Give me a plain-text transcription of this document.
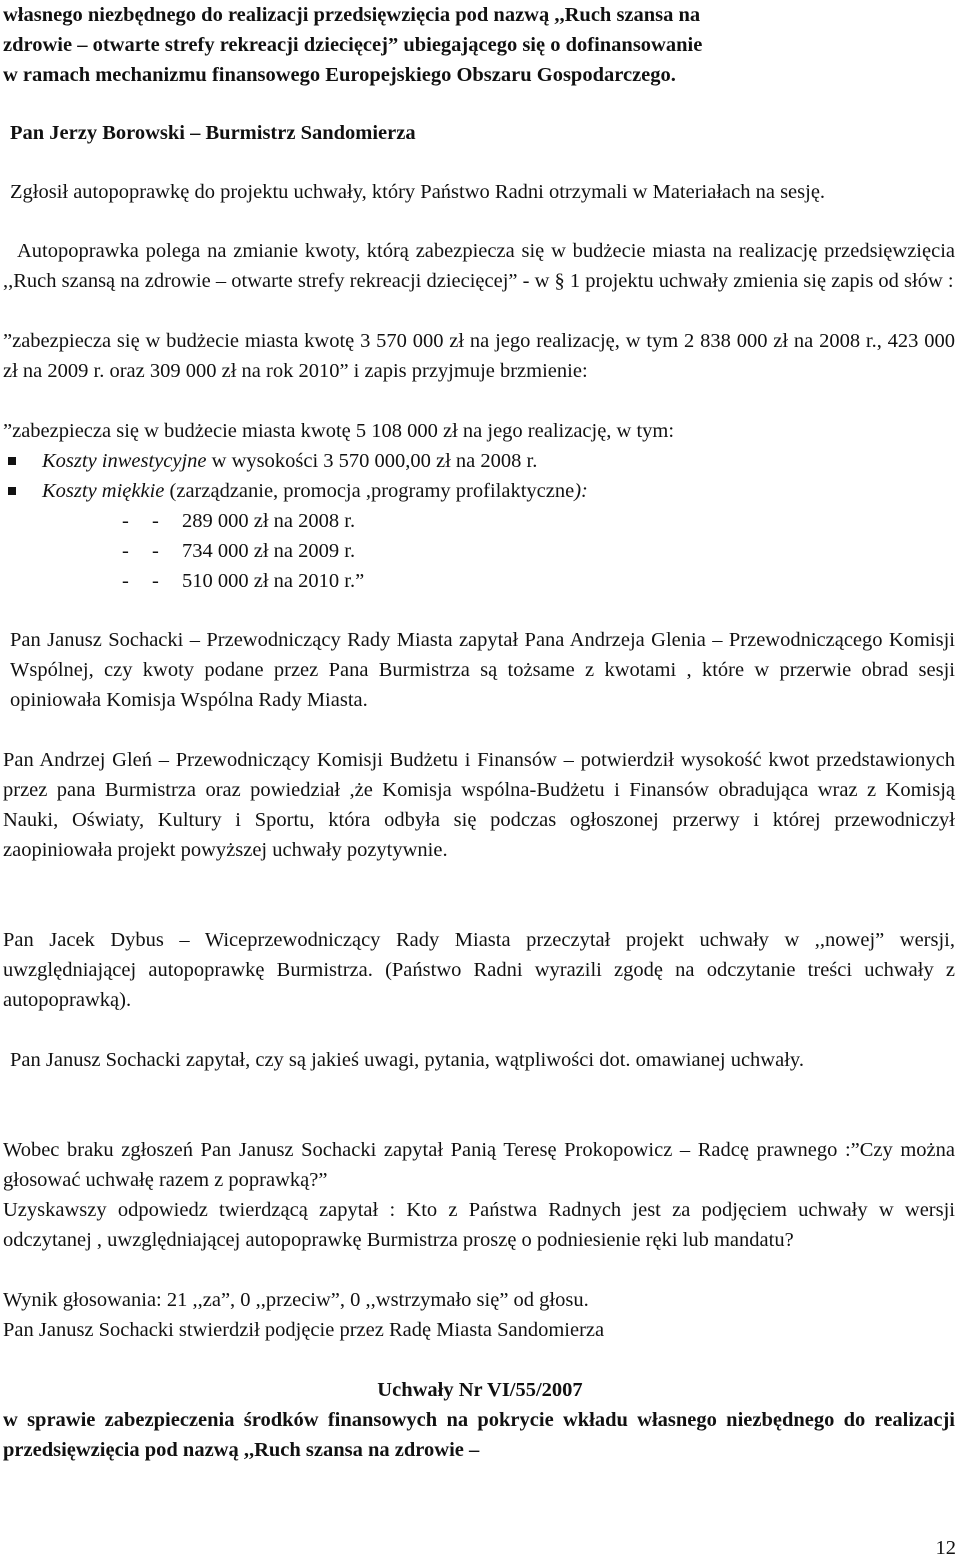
własnego niezbędnego do realizacji przedsięwzięcia pod nazwą ,,Ruch szansa na
zdrowie – otwarte strefy rekreacji dziecięcej” ubiegającego się o dofinansowanie
w ramach mechanizmu finansowego Europejskiego Obszaru Gospodarczego.

Pan Jerzy Borowski – Burmistrz Sandomierza

Zgłosił autopoprawkę do projektu uchwały, który Państwo Radni otrzymali w Materiałach na sesję.

Autopoprawka polega na zmianie kwoty, którą zabezpiecza się w budżecie miasta na realizację przedsięwzięcia ,,Ruch szansą na zdrowie – otwarte strefy rekreacji dziecięcej” - w § 1 projektu uchwały zmienia się zapis od słów :

”zabezpiecza się w budżecie miasta kwotę 3 570 000 zł na jego realizację, w tym 2 838 000 zł na 2008 r., 423 000 zł na 2009 r. oraz 309 000 zł na rok 2010” i zapis przyjmuje brzmienie:

”zabezpiecza się w budżecie miasta kwotę 5 108 000 zł na jego realizację, w tym:

Koszty inwestycyjne w wysokości 3 570 000,00 zł na 2008 r.
Koszty miękkie (zarządzanie, promocja ,programy profilaktyczne):
- - 289 000 zł na 2008 r.
- - 734 000 zł na 2009 r.
- - 510 000 zł na 2010 r.”

Pan Janusz Sochacki – Przewodniczący Rady Miasta zapytał Pana Andrzeja Glenia – Przewodniczącego Komisji Wspólnej, czy kwoty podane przez Pana Burmistrza są tożsame z kwotami , które w przerwie obrad sesji opiniowała Komisja Wspólna Rady Miasta.

Pan Andrzej Gleń – Przewodniczący Komisji Budżetu i Finansów – potwierdził wysokość kwot przedstawionych przez pana Burmistrza oraz powiedział ,że Komisja wspólna-Budżetu i Finansów obradująca wraz z Komisją Nauki, Oświaty, Kultury i Sportu, która odbyła się podczas ogłoszonej przerwy i której przewodniczył zaopiniowała projekt powyższej uchwały pozytywnie.

Pan Jacek Dybus – Wiceprzewodniczący Rady Miasta przeczytał projekt uchwały w ,,nowej” wersji, uwzględniającej autopoprawkę Burmistrza. (Państwo Radni wyrazili zgodę na odczytanie treści uchwały z autopoprawką).

Pan Janusz Sochacki zapytał, czy są jakieś uwagi, pytania, wątpliwości dot. omawianej uchwały.

Wobec braku zgłoszeń Pan Janusz Sochacki zapytał Panią Teresę Prokopowicz – Radcę prawnego :”Czy można głosować uchwałę razem z poprawką?”

Uzyskawszy odpowiedz twierdzącą zapytał : Kto z Państwa Radnych jest za podjęciem uchwały w wersji odczytanej , uwzględniającej autopoprawkę Burmistrza proszę o podniesienie ręki lub mandatu?

Wynik głosowania: 21 ,,za”, 0 ,,przeciw”, 0 ,,wstrzymało się” od głosu.

Pan Janusz Sochacki stwierdził podjęcie przez Radę Miasta Sandomierza

Uchwały Nr VI/55/2007

w sprawie zabezpieczenia środków finansowych na pokrycie wkładu własnego niezbędnego do realizacji przedsięwzięcia pod nazwą ,,Ruch szansa na zdrowie –

12
